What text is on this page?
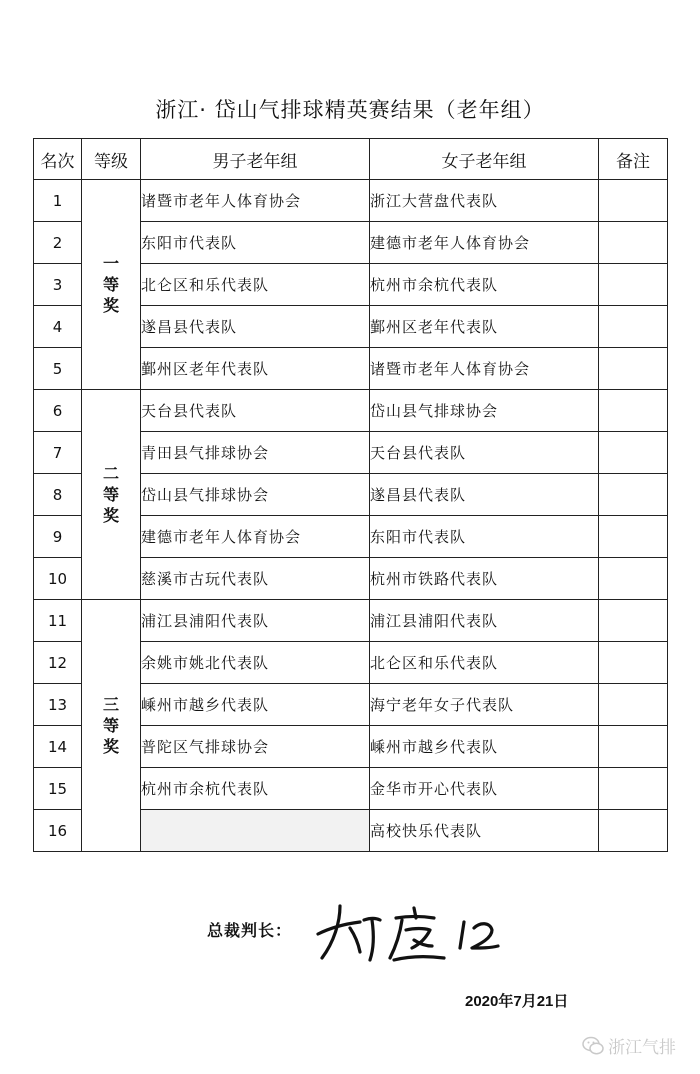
浙江· 岱山气排球精英赛结果（老年组）
名次	等级	男子老年组	女子老年组	备注
1	一等奖	诸暨市老年人体育协会	浙江大营盘代表队	
2		东阳市代表队	建德市老年人体育协会	
3		北仑区和乐代表队	杭州市余杭代表队	
4		遂昌县代表队	鄞州区老年代表队	
5		鄞州区老年代表队	诸暨市老年人体育协会	
6	二等奖	天台县代表队	岱山县气排球协会	
7		青田县气排球协会	天台县代表队	
8		岱山县气排球协会	遂昌县代表队	
9		建德市老年人体育协会	东阳市代表队	
10		慈溪市古玩代表队	杭州市铁路代表队	
11	三等奖	浦江县浦阳代表队	浦江县浦阳代表队	
12		余姚市姚北代表队	北仑区和乐代表队	
13		嵊州市越乡代表队	海宁老年女子代表队	
14		普陀区气排球协会	嵊州市越乡代表队	
15		杭州市余杭代表队	金华市开心代表队	
16			高校快乐代表队	
总裁判长：
2020年7月21日
浙江气排
